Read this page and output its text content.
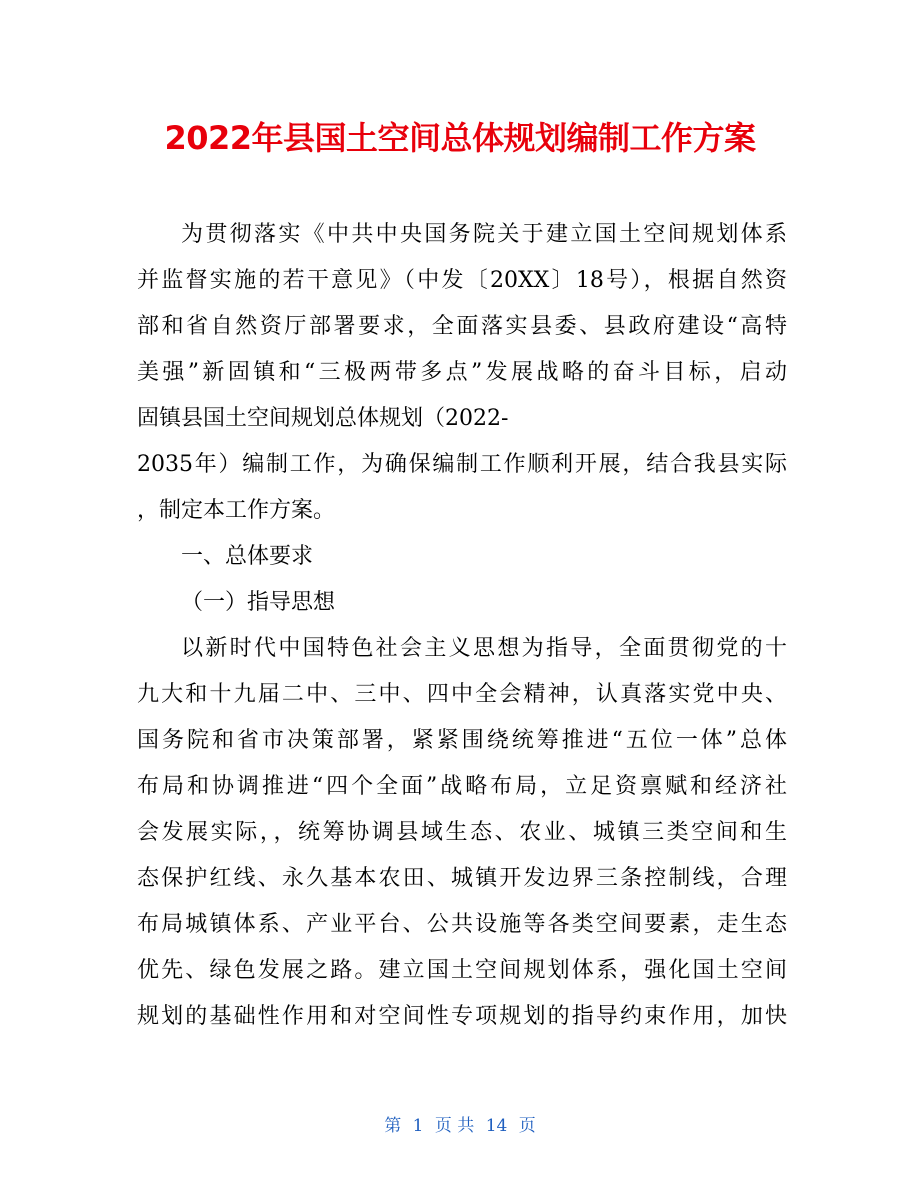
2022年县国土空间总体规划编制工作方案
为贯彻落实《中共中央国务院关于建立国土空间规划体系
并监督实施的若干意见》（中发〔20XX〕18号），根据自然资
部和省自然资厅部署要求，全面落实县委、县政府建设“高特
美强”新固镇和“三极两带多点”发展战略的奋斗目标，启动
固镇县国土空间规划总体规划（2022-
2035年）编制工作，为确保编制工作顺利开展，结合我县实际
，制定本工作方案。
一、总体要求
（一）指导思想
以新时代中国特色社会主义思想为指导，全面贯彻党的十
九大和十九届二中、三中、四中全会精神，认真落实党中央、
国务院和省市决策部署，紧紧围绕统筹推进“五位一体”总体
布局和协调推进“四个全面”战略布局，立足资禀赋和经济社
会发展实际，，统筹协调县域生态、农业、城镇三类空间和生
态保护红线、永久基本农田、城镇开发边界三条控制线，合理
布局城镇体系、产业平台、公共设施等各类空间要素，走生态
优先、绿色发展之路。建立国土空间规划体系，强化国土空间
规划的基础性作用和对空间性专项规划的指导约束作用，加快
第 1 页 共 14 页
